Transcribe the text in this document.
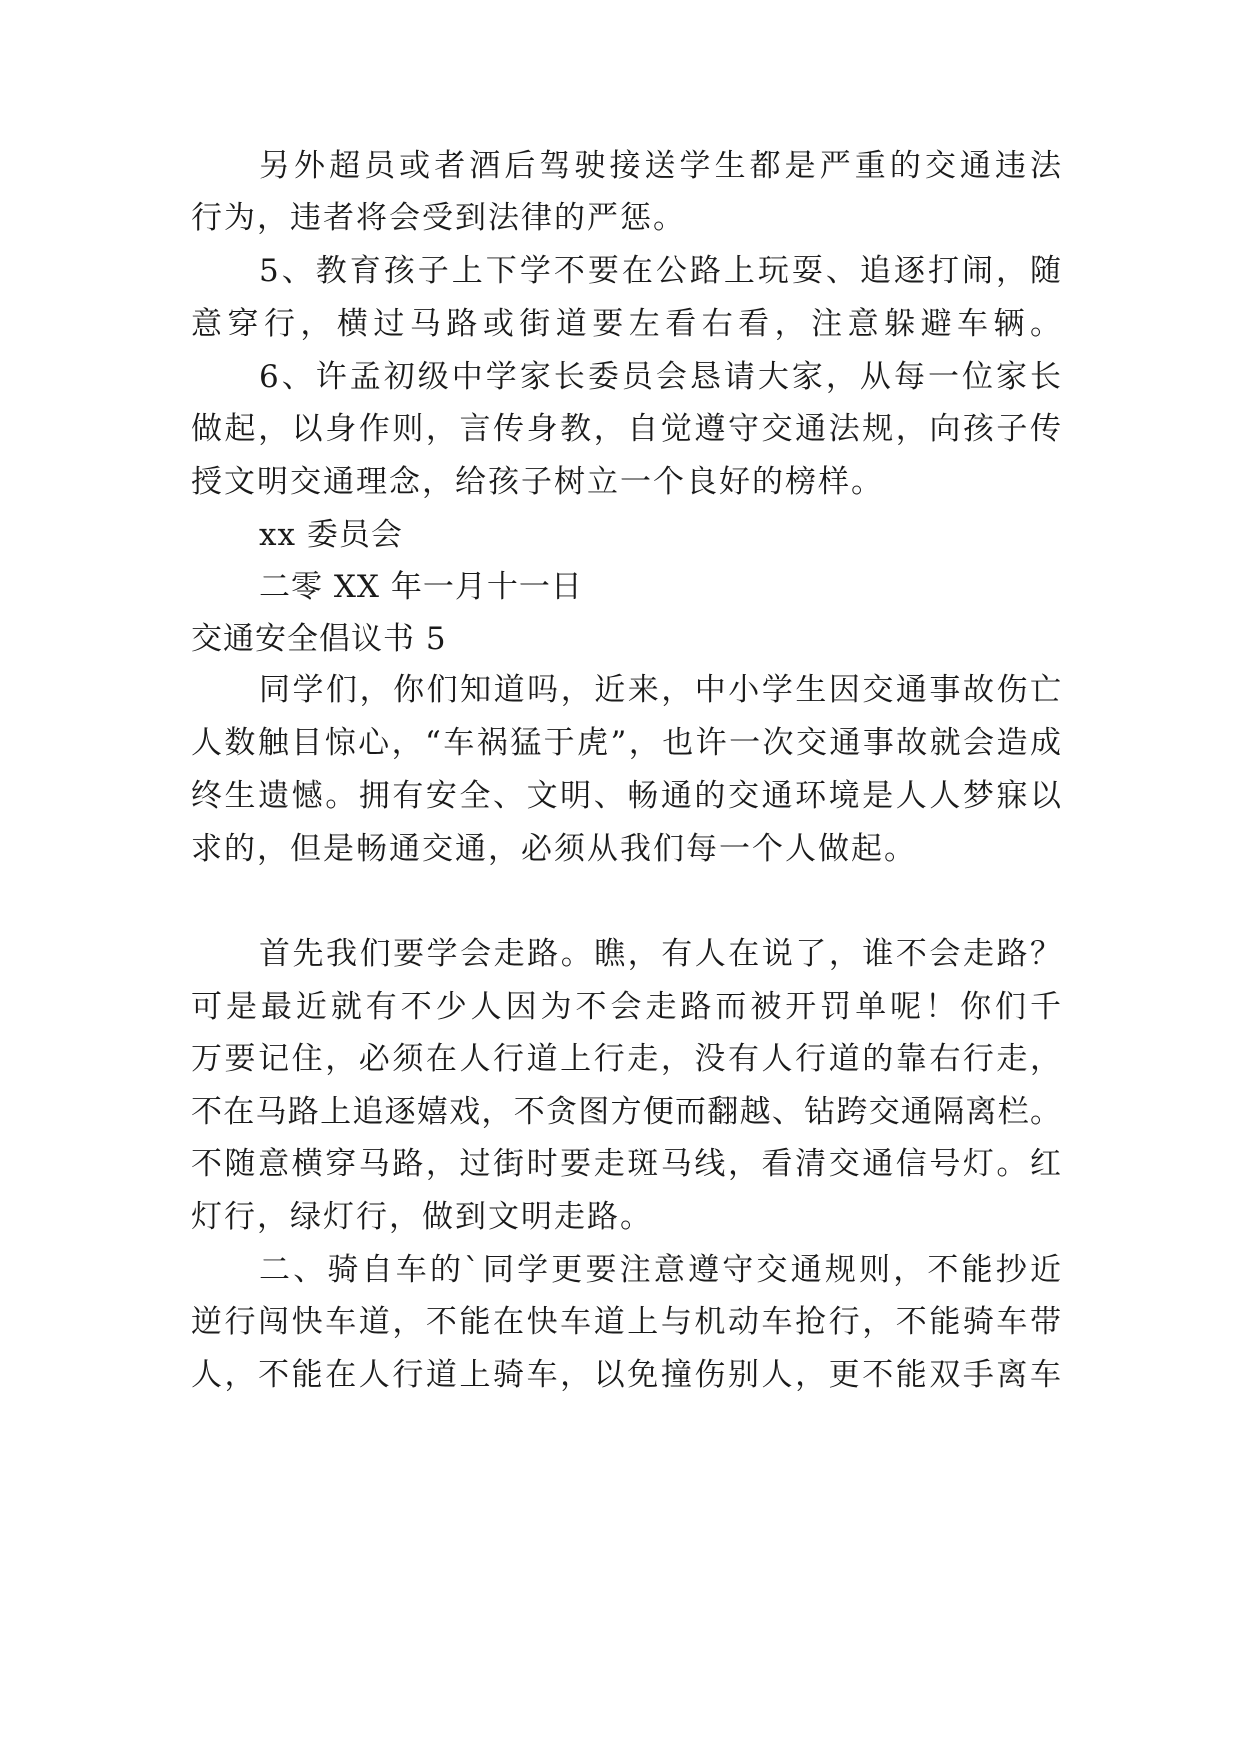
另外超员或者酒后驾驶接送学生都是严重的交通违法
行为，违者将会受到法律的严惩。
5、教育孩子上下学不要在公路上玩耍、追逐打闹，随
意穿行，横过马路或街道要左看右看，注意躲避车辆。
6、许孟初级中学家长委员会恳请大家，从每一位家长
做起，以身作则，言传身教，自觉遵守交通法规，向孩子传
授文明交通理念，给孩子树立一个良好的榜样。
xx 委员会
二零 XX 年一月十一日
交通安全倡议书 5
同学们，你们知道吗，近来，中小学生因交通事故伤亡
人数触目惊心，“车祸猛于虎”，也许一次交通事故就会造成
终生遗憾。拥有安全、文明、畅通的交通环境是人人梦寐以
求的，但是畅通交通，必须从我们每一个人做起。
首先我们要学会走路。瞧，有人在说了，谁不会走路？
可是最近就有不少人因为不会走路而被开罚单呢！你们千
万要记住，必须在人行道上行走，没有人行道的靠右行走，
不在马路上追逐嬉戏，不贪图方便而翻越、钻跨交通隔离栏。
不随意横穿马路，过街时要走斑马线，看清交通信号灯。红
灯行，绿灯行，做到文明走路。
二、骑自车的`同学更要注意遵守交通规则，不能抄近
逆行闯快车道，不能在快车道上与机动车抢行，不能骑车带
人，不能在人行道上骑车，以免撞伤别人，更不能双手离车
